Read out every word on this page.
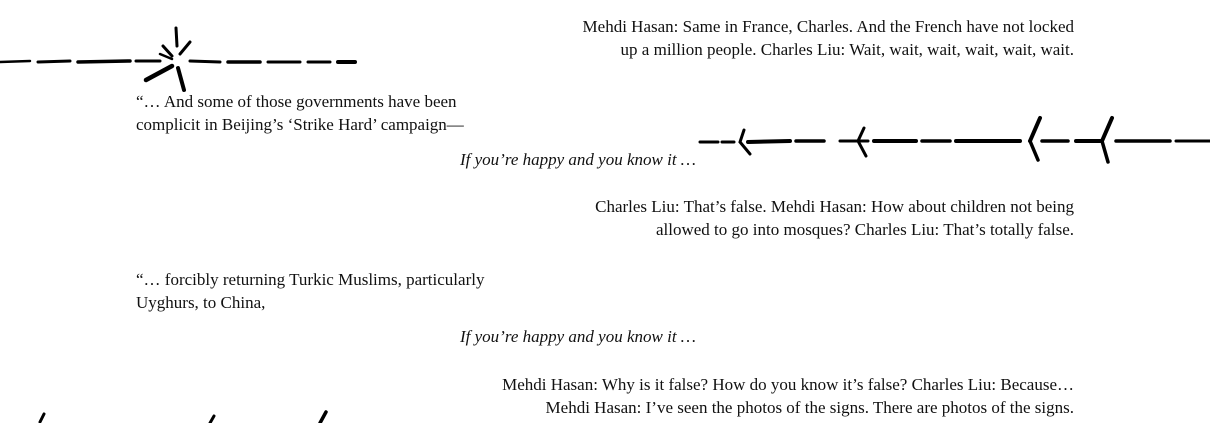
Mehdi Hasan: Same in France, Charles. And the French have not locked
up a million people. Charles Liu: Wait, wait, wait, wait, wait, wait.
“… And some of those governments have been
complicit in Beijing’s ‘Strike Hard’ campaign—
If you’re happy and you know it …
Charles Liu: That’s false. Mehdi Hasan: How about children not being
allowed to go into mosques? Charles Liu: That’s totally false.
“… forcibly returning Turkic Muslims, particularly
Uyghurs, to China,
If you’re happy and you know it …
Mehdi Hasan: Why is it false? How do you know it’s false? Charles Liu: Because…
Mehdi Hasan: I’ve seen the photos of the signs. There are photos of the signs.
